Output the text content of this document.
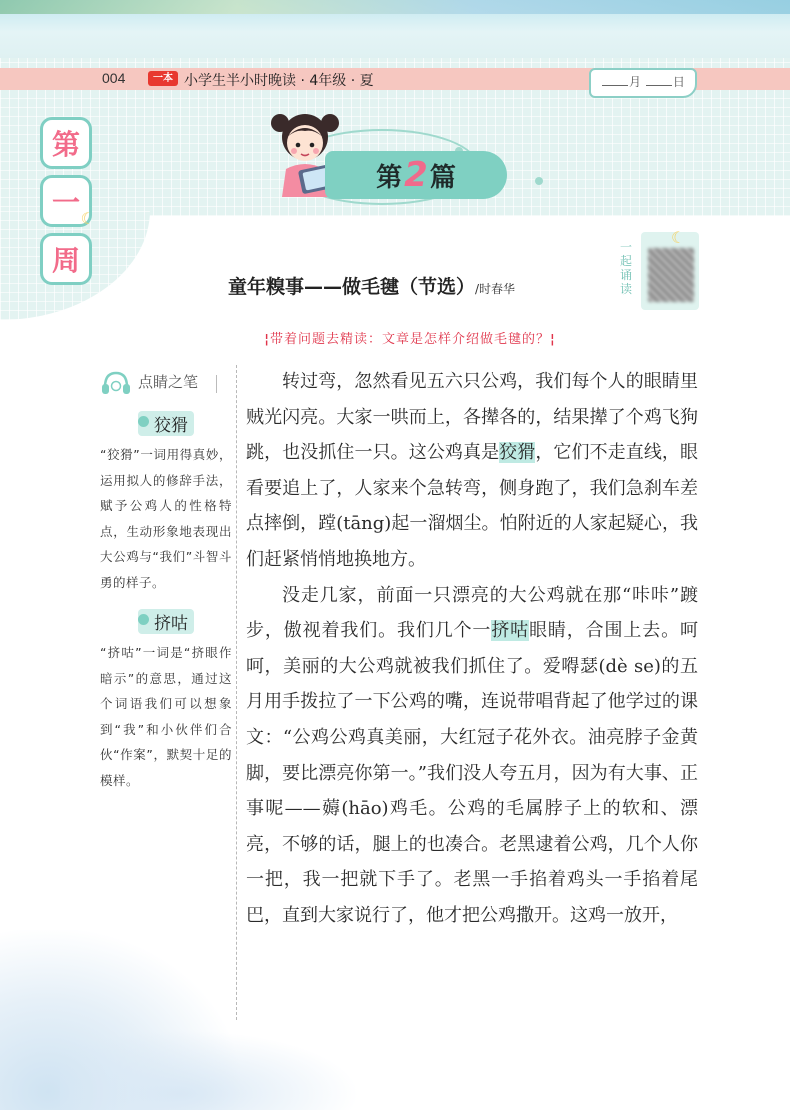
004	一本 小学生半小时晚读 · 4年级 · 夏	月	日
第
一 ☾
周
第 2 篇
童年糗事——做毛毽（节选）/时春华
一起诵读
☾
¦带着问题去精读：文章是怎样介绍做毛毽的？¦
点睛之笔
狡猾
“狡猾”一词用得真妙，运用拟人的修辞手法，赋予公鸡人的性格特点，生动形象地表现出大公鸡与“我们”斗智斗勇的样子。
挤咕
“挤咕”一词是“挤眼作暗示”的意思，通过这个词语我们可以想象到“我”和小伙伴们合伙“作案”，默契十足的模样。

转过弯，忽然看见五六只公鸡，我们每个人的眼睛里贼光闪亮。大家一哄而上，各撵各的，结果撵了个鸡飞狗跳，也没抓住一只。这公鸡真是狡猾，它们不走直线，眼看要追上了，人家来个急转弯，侧身跑了，我们急刹车差点摔倒，蹚(tāng)起一溜烟尘。怕附近的人家起疑心，我们赶紧悄悄地换地方。

没走几家，前面一只漂亮的大公鸡就在那“咔咔”踱步，傲视着我们。我们几个一挤咕眼睛，合围上去。呵呵，美丽的大公鸡就被我们抓住了。爱嘚瑟(dè se)的五月用手拨拉了一下公鸡的嘴，连说带唱背起了他学过的课文：“公鸡公鸡真美丽，大红冠子花外衣。油亮脖子金黄脚，要比漂亮你第一。”我们没人夸五月，因为有大事、正事呢——薅(hāo)鸡毛。公鸡的毛属脖子上的软和、漂亮，不够的话，腿上的也凑合。老黑逮着公鸡，几个人你一把，我一把就下手了。老黑一手掐着鸡头一手掐着尾巴，直到大家说行了，他才把公鸡撒开。这鸡一放开，
